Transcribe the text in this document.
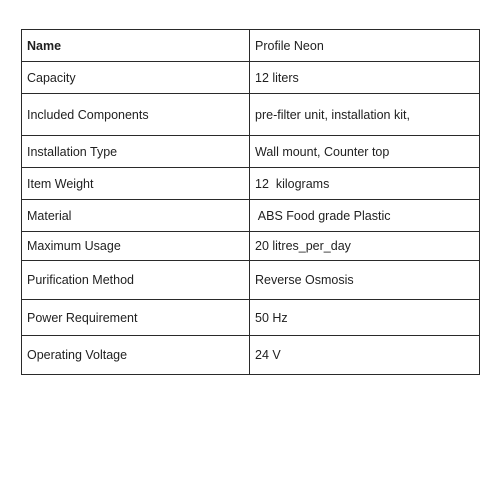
Name	Profile Neon
Capacity	12 liters
Included Components	pre-filter unit, installation kit,
Installation Type	Wall mount, Counter top
Item Weight	12  kilograms
Material	ABS Food grade Plastic
Maximum Usage	20 litres_per_day
Purification Method	Reverse Osmosis
Power Requirement	50 Hz
Operating Voltage	24 V
